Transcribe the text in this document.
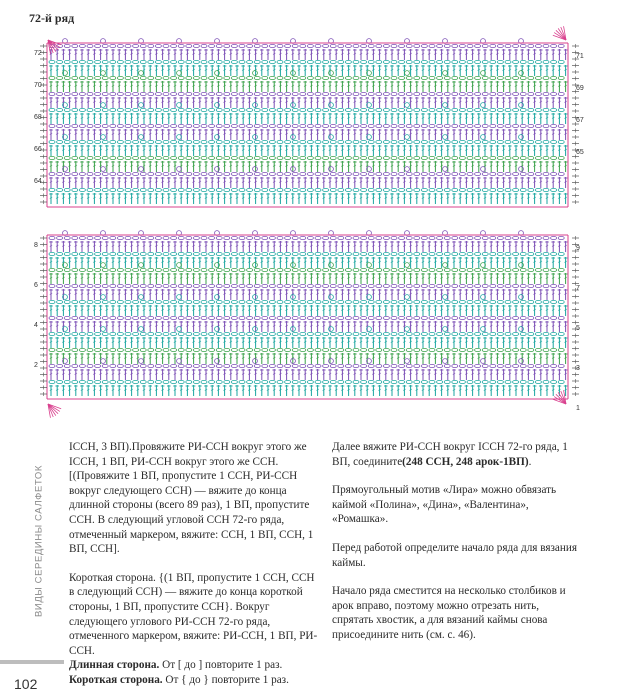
72-й ряд
72
70
68
66
64
71
69
67
65
8
6
4
2
9
7
5
3
1
ВИДЫ СЕРЕДИНЫ САЛФЕТОК
102

ІССН, 3 ВП).Провяжите РИ-ССН вокруг этого же ІССН, 1 ВП, РИ-ССН вокруг этого же ССН. [(Провяжите 1 ВП, пропустите 1 ССН, РИ-ССН вокруг следующего ССН) — вяжите до конца длинной стороны (всего 89 раз), 1 ВП, пропустите ССН. В следующий угловой ССН 72-го ряда, отмеченный маркером, вяжите: ССН, 1 ВП, ССН, 1 ВП, ССН].

Короткая сторона. {(1 ВП, пропустите 1 ССН, ССН в следующий ССН) — вяжите до конца короткой стороны, 1 ВП, пропустите ССН}. Вокруг следующего углового РИ-ССН 72-го ряда, отмеченного маркером, вяжите: РИ-ССН, 1 ВП, РИ-ССН.

Длинная сторона. От [ до ] повторите 1 раз.
Короткая сторона. От { до } повторите 1 раз.

Далее вяжите РИ-ССН вокруг ІССН 72-го ряда, 1 ВП, соедините(248 ССН, 248 арок-1ВП).

Прямоугольный мотив «Лира» можно обвязать каймой «Полина», «Дина», «Валентина», «Ромашка».

Перед работой определите начало ряда для вязания каймы.

Начало ряда сместится на несколько столбиков и арок вправо, поэтому можно отрезать нить, спрятать хвостик, а для вязаний каймы снова присоедините нить (см. с. 46).
